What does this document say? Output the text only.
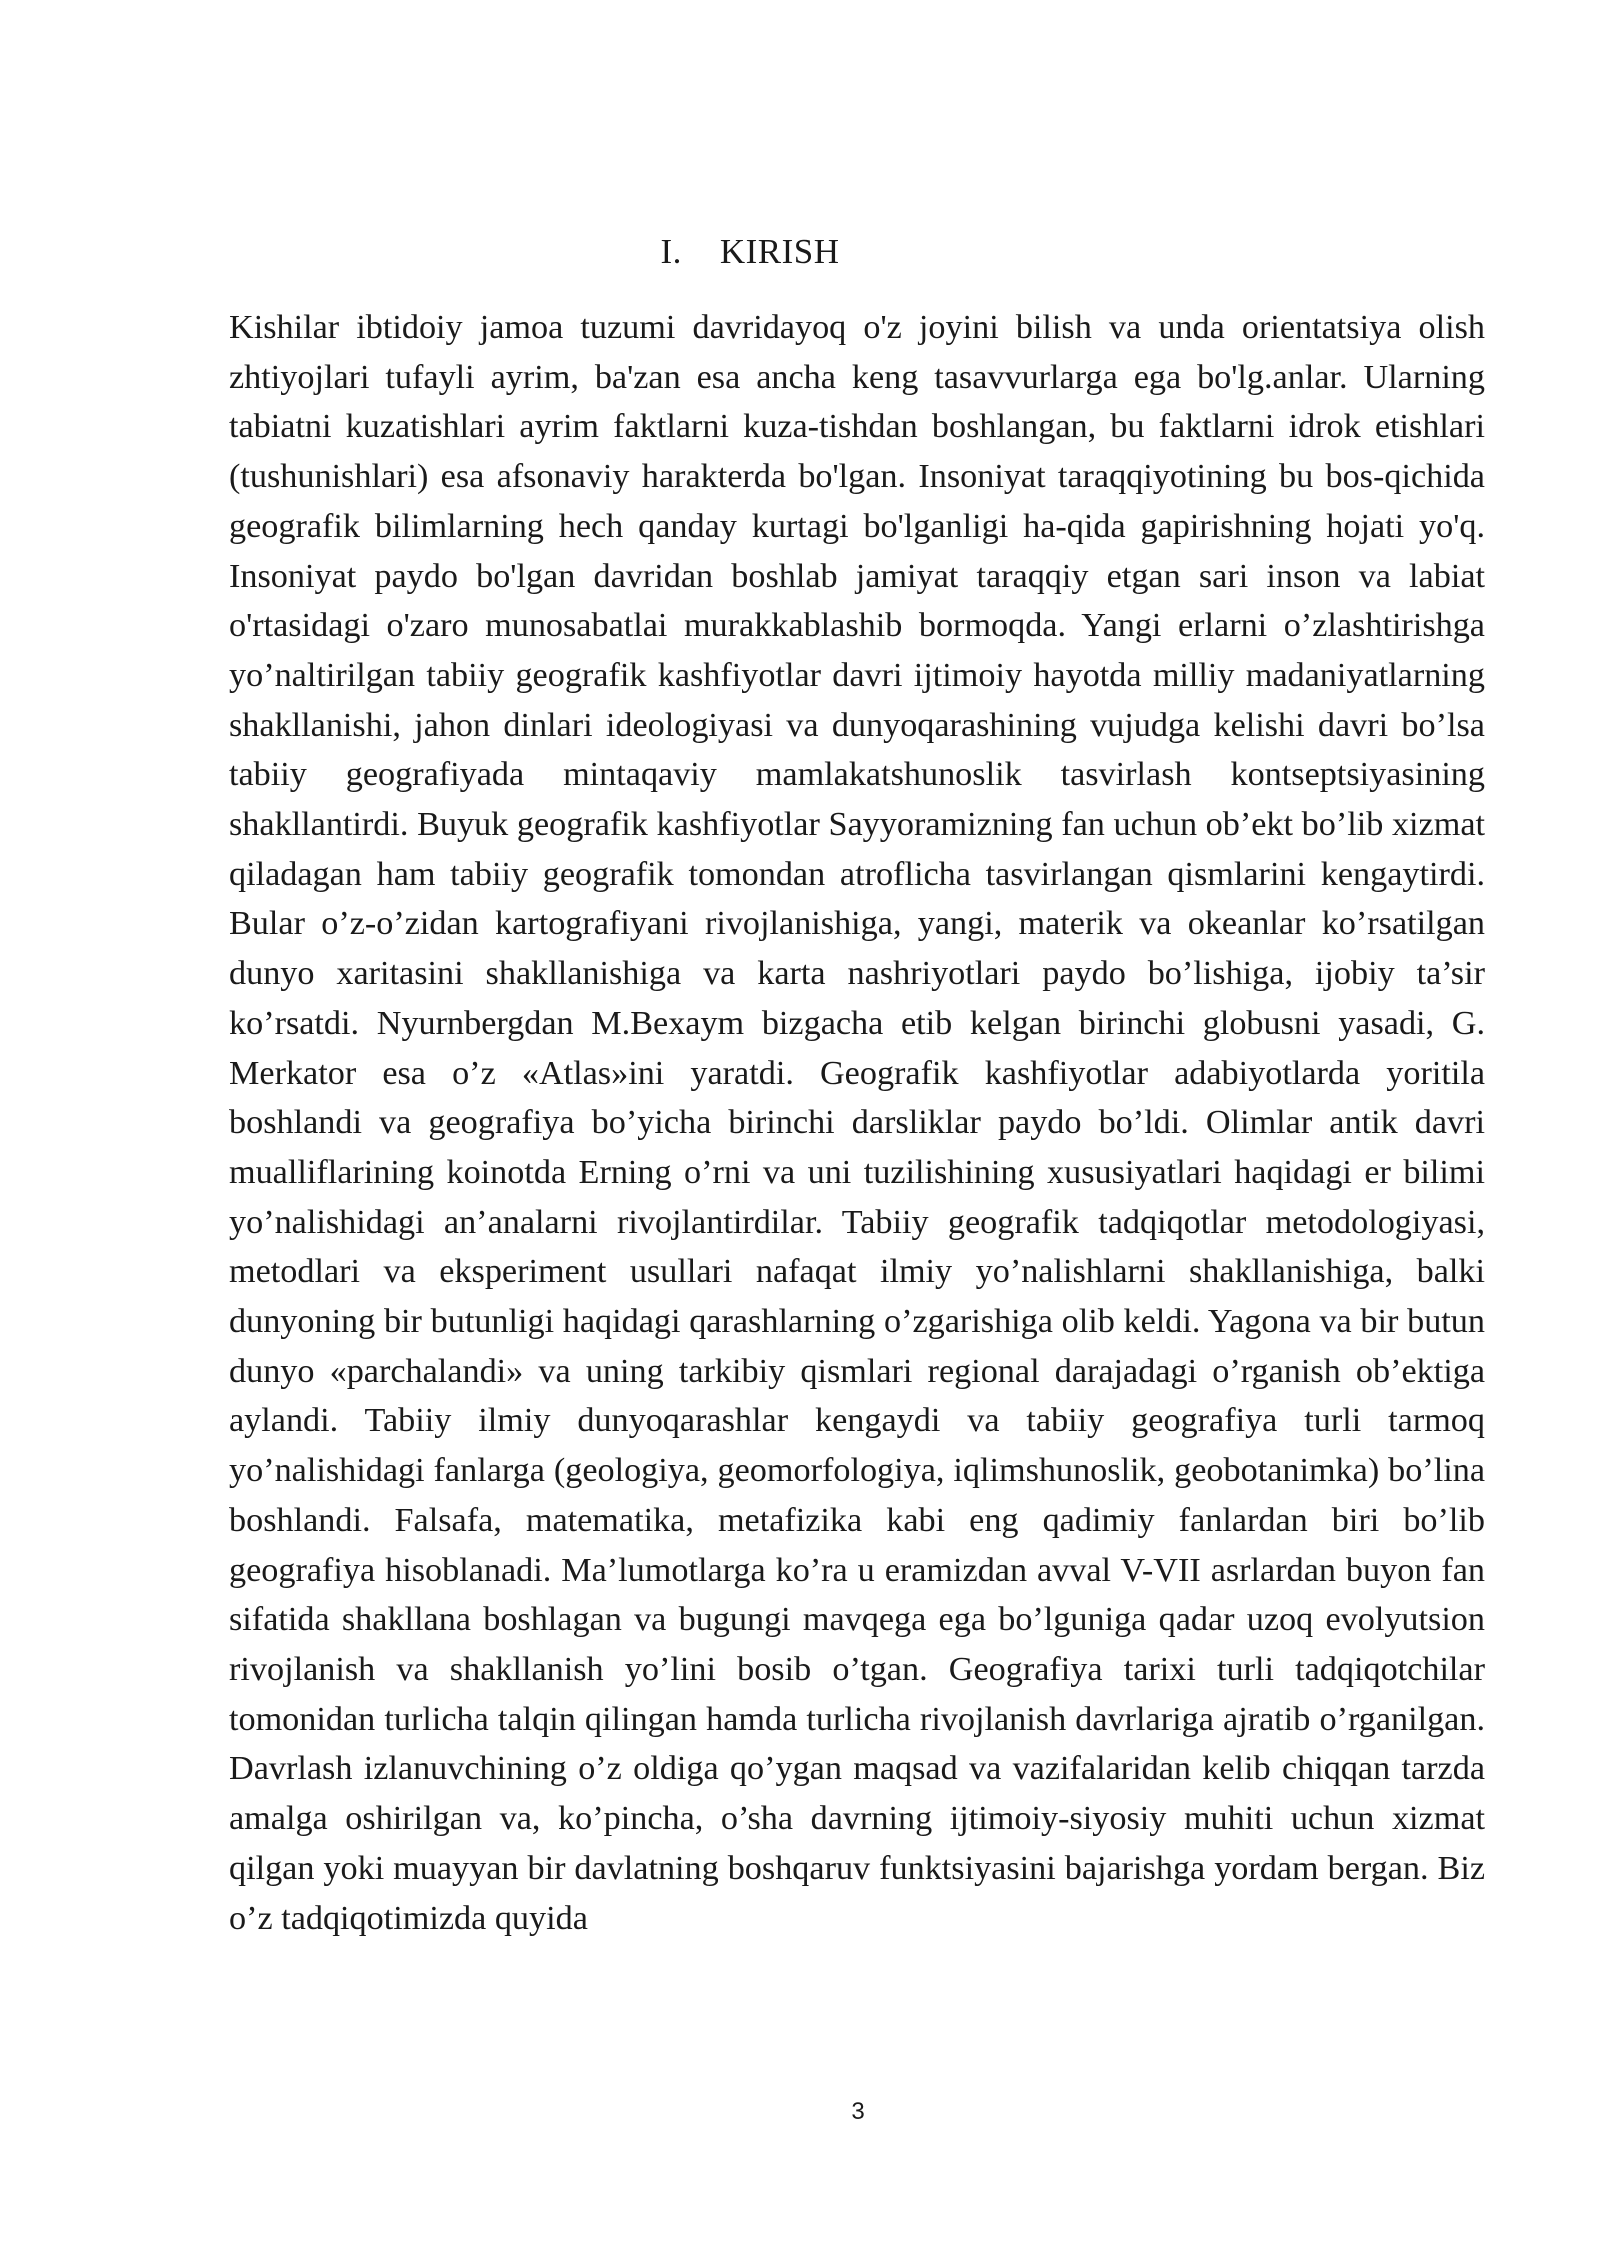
I. KIRISH

Kishilar ibtidoiy jamoa tuzumi davridayoq o'z joyini bilish va unda orientatsiya olish zhtiyojlari tufayli ayrim, ba'zan esa ancha keng tasavvurlarga ega bo'lg.anlar. Ularning tabiatni kuzatishlari ayrim faktlarni kuza-tishdan boshlangan, bu faktlarni idrok etishlari (tushunishlari) esa afsonaviy harakterda bo'lgan. Insoniyat taraqqiyotining bu bos-qichida geografik bilimlarning hech qanday kurtagi bo'lganligi ha-qida gapirishning hojati yo'q. Insoniyat paydo bo'lgan davridan boshlab jamiyat taraqqiy etgan sari inson va labiat o'rtasidagi o'zaro munosabatlai murakkablashib bormoqda. Yangi erlarni o’zlashtirishga yo’naltirilgan tabiiy geografik kashfiyotlar davri ijtimoiy hayotda milliy madaniyatlarning shakllanishi, jahon dinlari ideologiyasi va dunyoqarashining vujudga kelishi davri bo’lsa tabiiy geografiyada mintaqaviy mamlakatshunoslik tasvirlash kontseptsiyasining shakllantirdi. Buyuk geografik kashfiyotlar Sayyoramizning fan uchun ob’ekt bo’lib xizmat qiladagan ham tabiiy geografik tomondan atroflicha tasvirlangan qismlarini kengaytirdi. Bular o’z-o’zidan kartografiyani rivojlanishiga, yangi, materik va okeanlar ko’rsatilgan dunyo xaritasini shakllanishiga va karta nashriyotlari paydo bo’lishiga, ijobiy ta’sir ko’rsatdi. Nyurnbergdan M.Bexaym bizgacha etib kelgan birinchi globusni yasadi, G. Merkator esa o’z «Atlas»ini yaratdi. Geografik kashfiyotlar adabiyotlarda yoritila boshlandi va geografiya bo’yicha birinchi darsliklar paydo bo’ldi. Olimlar antik davri mualliflarining koinotda Erning o’rni va uni tuzilishining xususiyatlari haqidagi er bilimi yo’nalishidagi an’analarni rivojlantirdilar. Tabiiy geografik tadqiqotlar metodologiyasi, metodlari va eksperiment usullari nafaqat ilmiy yo’nalishlarni shakllanishiga, balki dunyoning bir butunligi haqidagi qarashlarning o’zgarishiga olib keldi. Yagona va bir butun dunyo «parchalandi» va uning tarkibiy qismlari regional darajadagi o’rganish ob’ektiga aylandi. Tabiiy ilmiy dunyoqarashlar kengaydi va tabiiy geografiya turli tarmoq yo’nalishidagi fanlarga (geologiya, geomorfologiya, iqlimshunoslik, geobotanimka) bo’lina boshlandi. Falsafa, matematika, metafizika kabi eng qadimiy fanlardan biri bo’lib geografiya hisoblanadi. Ma’lumotlarga ko’ra u eramizdan avval V-VII asrlardan buyon fan sifatida shakllana boshlagan va bugungi mavqega ega bo’lguniga qadar uzoq evolyutsion rivojlanish va shakllanish yo’lini bosib o’tgan. Geografiya tarixi turli tadqiqotchilar tomonidan turlicha talqin qilingan hamda turlicha rivojlanish davrlariga ajratib o’rganilgan. Davrlash izlanuvchining o’z oldiga qo’ygan maqsad va vazifalaridan kelib chiqqan tarzda amalga oshirilgan va, ko’pincha, o’sha davrning ijtimoiy-siyosiy muhiti uchun xizmat qilgan yoki muayyan bir davlatning boshqaruv funktsiyasini bajarishga yordam bergan. Biz o’z tadqiqotimizda quyida

3
